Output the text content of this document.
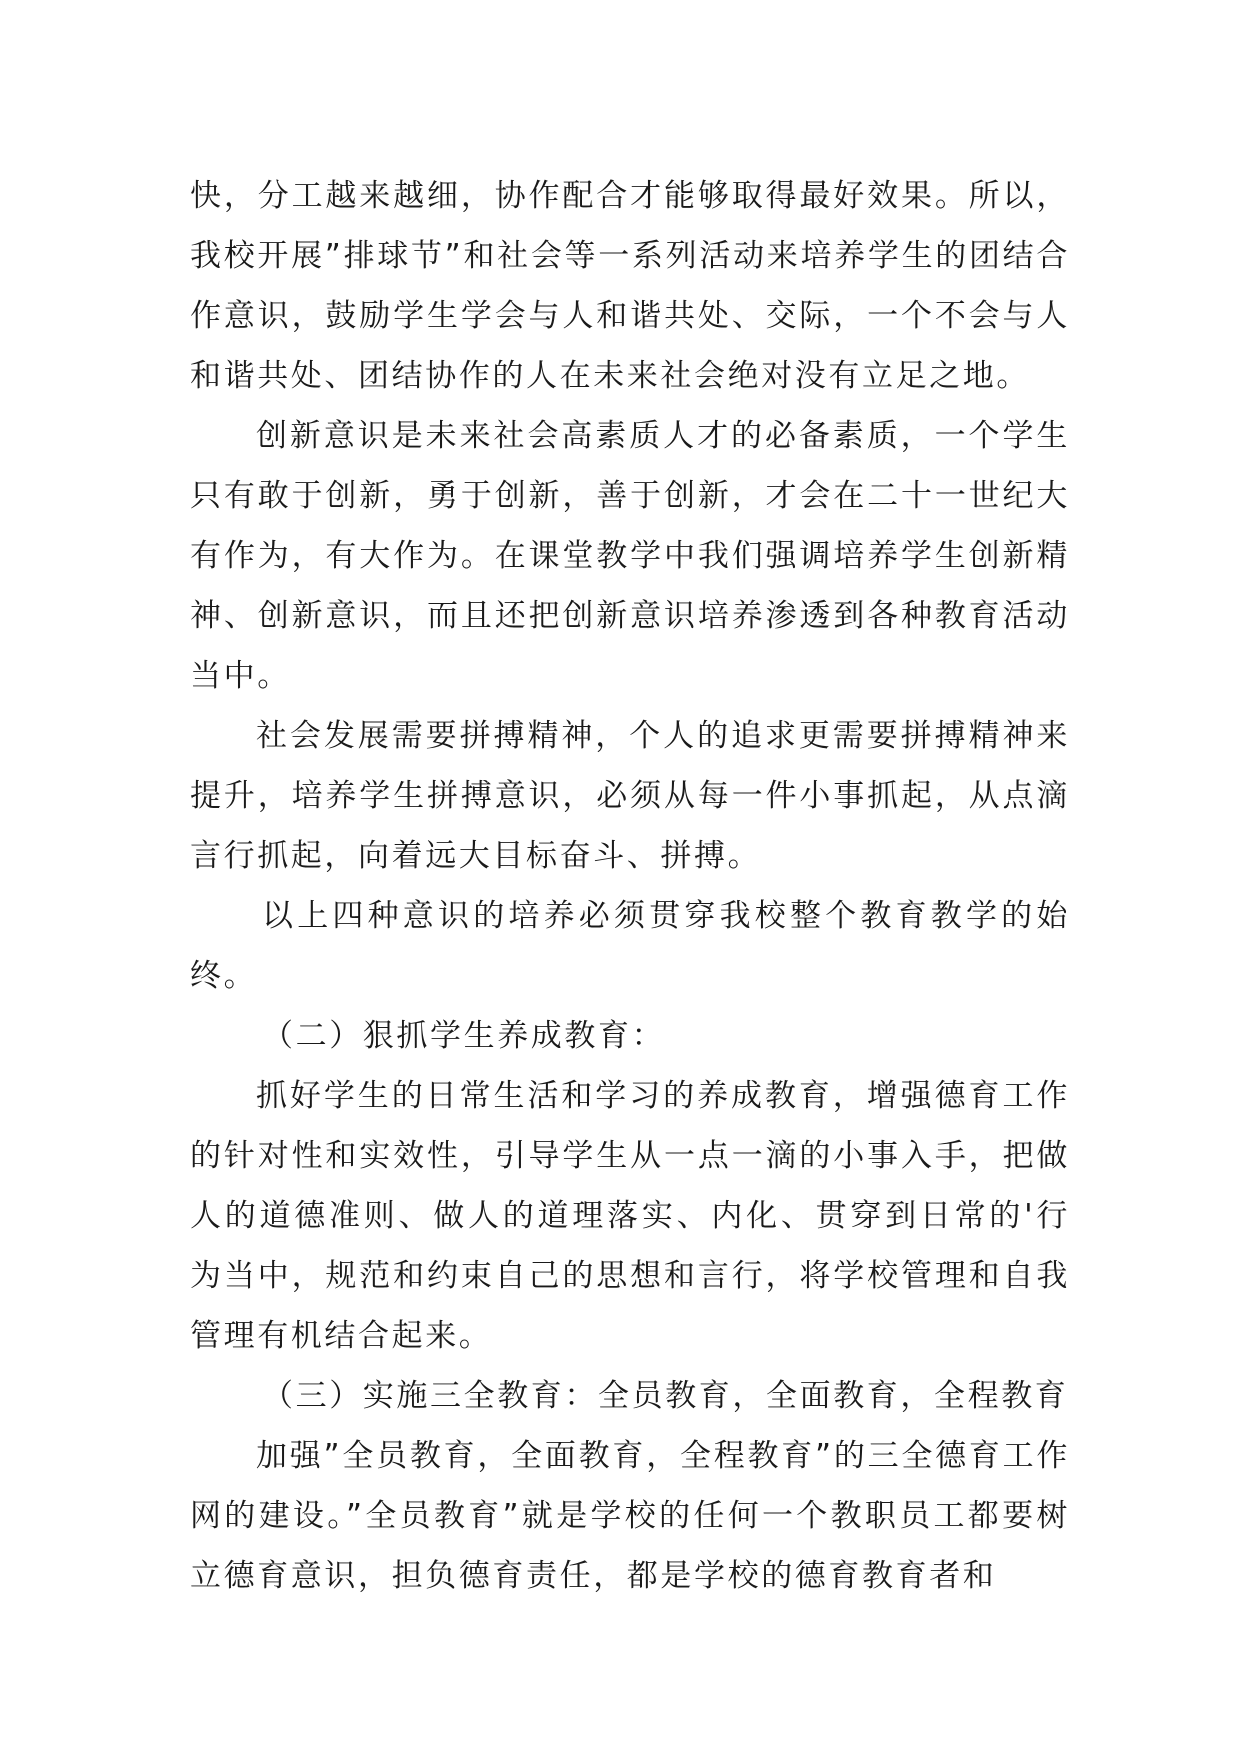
快，分工越来越细，协作配合才能够取得最好效果。所以，我校开展”排球节”和社会等一系列活动来培养学生的团结合作意识，鼓励学生学会与人和谐共处、交际，一个不会与人和谐共处、团结协作的人在未来社会绝对没有立足之地。

创新意识是未来社会高素质人才的必备素质，一个学生只有敢于创新，勇于创新，善于创新，才会在二十一世纪大有作为，有大作为。在课堂教学中我们强调培养学生创新精神、创新意识，而且还把创新意识培养渗透到各种教育活动当中。

社会发展需要拼搏精神，个人的追求更需要拼搏精神来提升，培养学生拼搏意识，必须从每一件小事抓起，从点滴言行抓起，向着远大目标奋斗、拼搏。

以上四种意识的培养必须贯穿我校整个教育教学的始终。

（二）狠抓学生养成教育：

抓好学生的日常生活和学习的养成教育，增强德育工作的针对性和实效性，引导学生从一点一滴的小事入手，把做人的道德准则、做人的道理落实、内化、贯穿到日常的'行为当中，规范和约束自己的思想和言行，将学校管理和自我管理有机结合起来。

（三）实施三全教育：全员教育，全面教育，全程教育

加强”全员教育，全面教育，全程教育”的三全德育工作网的建设。”全员教育”就是学校的任何一个教职员工都要树立德育意识，担负德育责任，都是学校的德育教育者和
